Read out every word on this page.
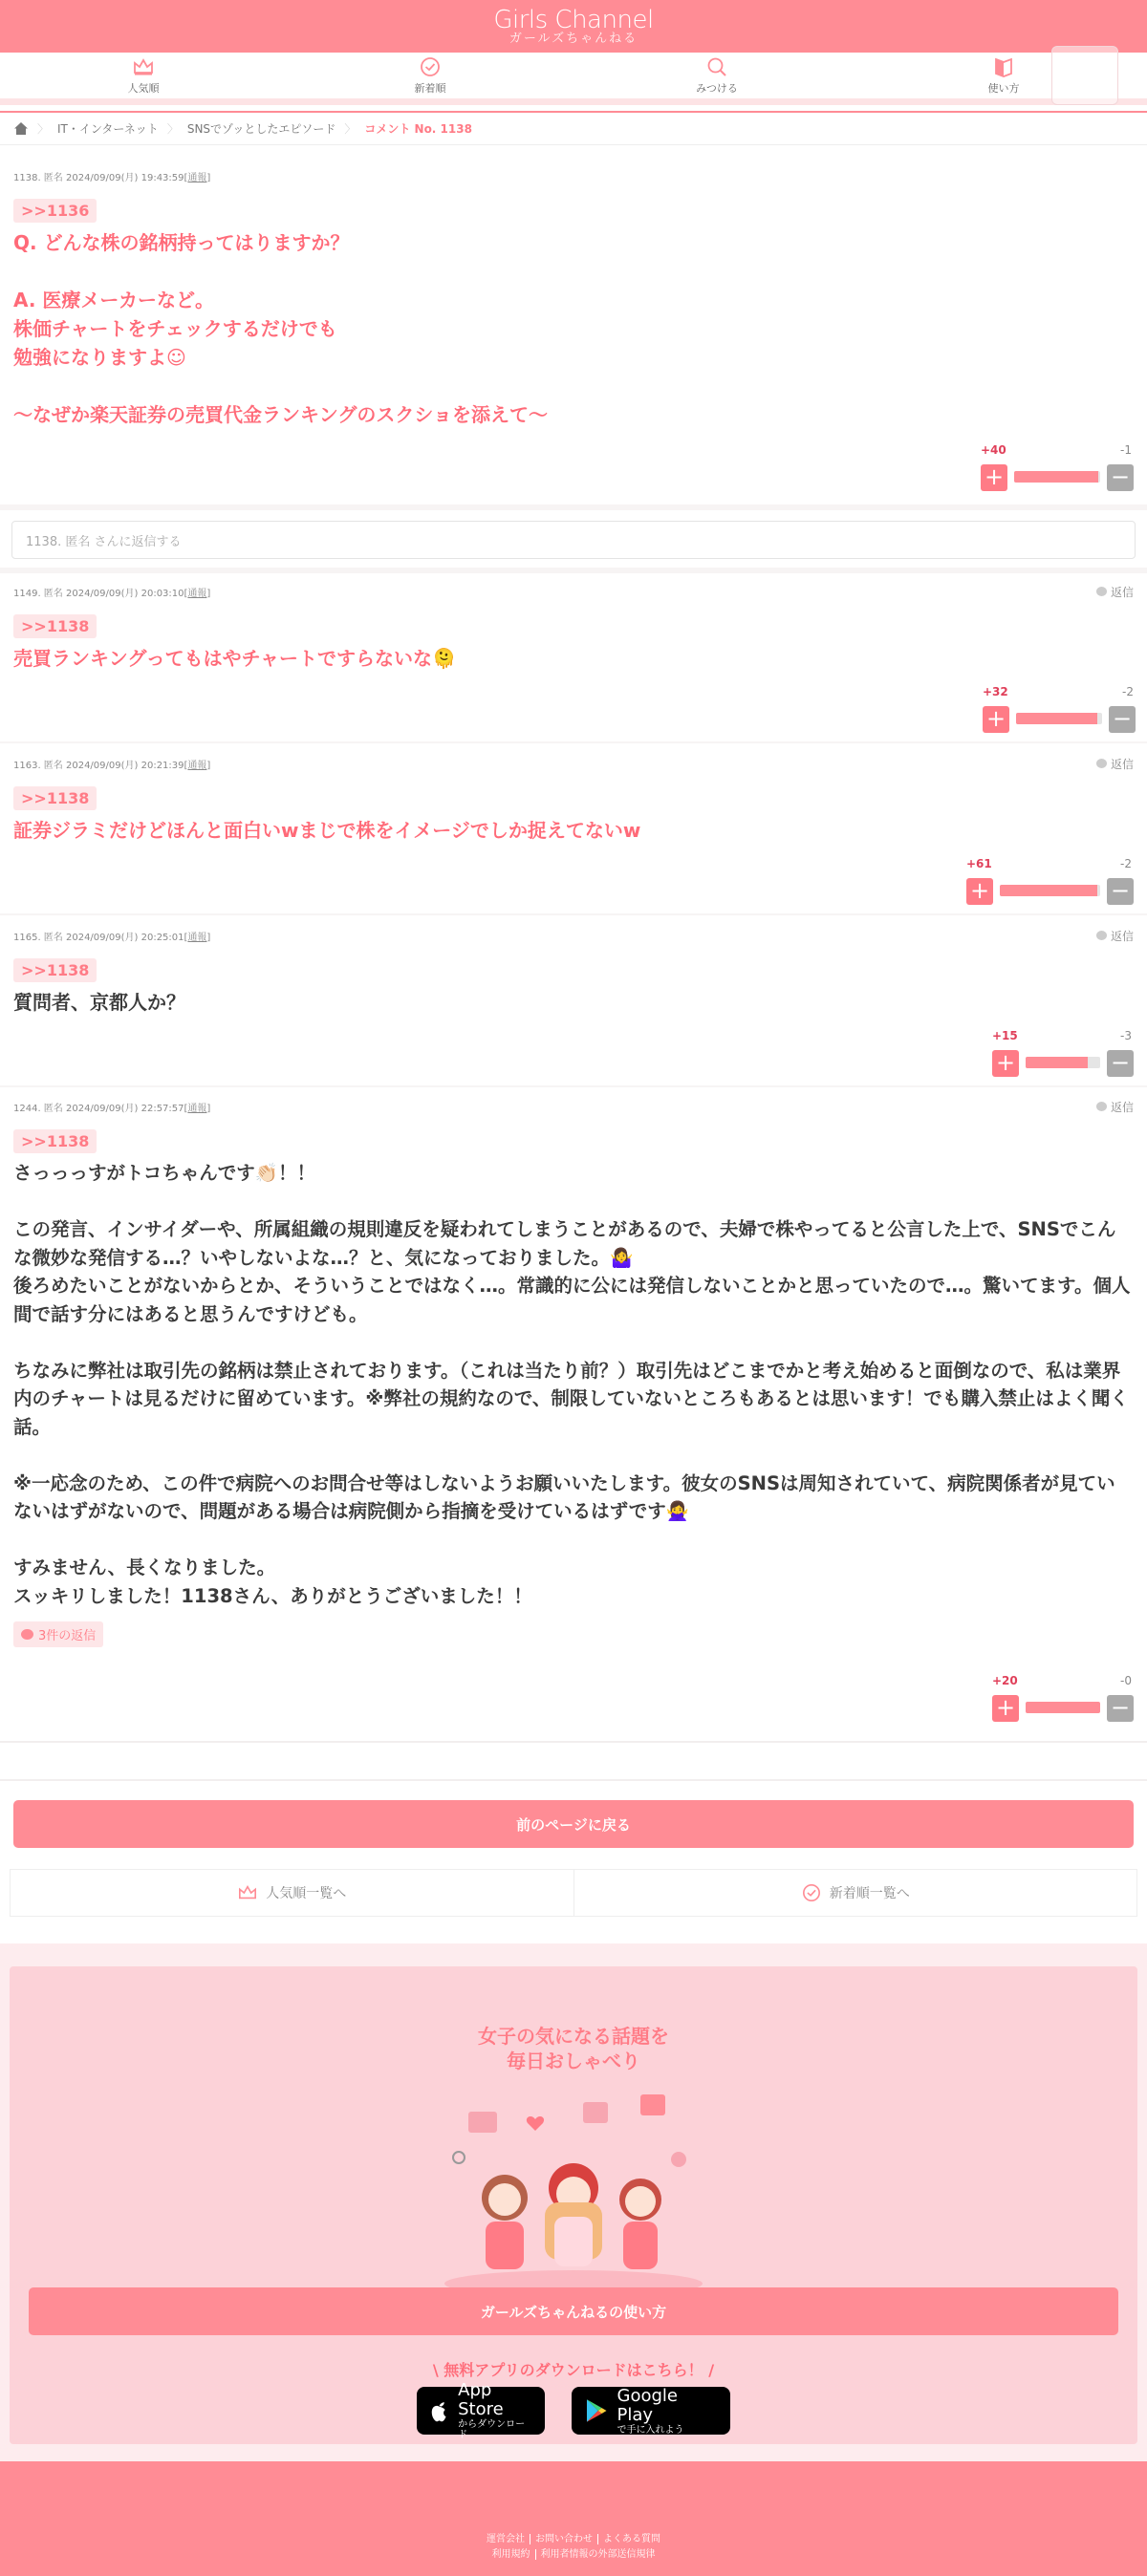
Girls Channel
ガールズちゃんねる
人気順	新着順	みつける	使い方
〉 IT・インターネット 〉 SNSでゾッとしたエピソード 〉 コメント No. 1138
1138. 匿名 2024/09/09(月) 19:43:59[通報]
>>1136
Q. どんな株の銘柄持ってはりますか？

A. 医療メーカーなど。
株価チャートをチェックするだけでも
勉強になりますよ☺

〜なぜか楽天証券の売買代金ランキングのスクショを添えて〜
+40	-1
+	−
1138. 匿名 さんに返信する
1149. 匿名 2024/09/09(月) 20:03:10[通報]	返信
>>1138
売買ランキングってもはやチャートですらないな🫠
+32	-2
+	−
1163. 匿名 2024/09/09(月) 20:21:39[通報]	返信
>>1138
証券ジラミだけどほんと面白いwまじで株をイメージでしか捉えてないw
+61	-2
+	−
1165. 匿名 2024/09/09(月) 20:25:01[通報]	返信
>>1138
質問者、京都人か？
+15	-3
+	−
1244. 匿名 2024/09/09(月) 22:57:57[通報]	返信
>>1138
さっっっすがトコちゃんです👏🏻！！

この発言、インサイダーや、所属組織の規則違反を疑われてしまうことがあるので、夫婦で株やってると公言した上で、SNSでこんな微妙な発信する…？いやしないよな…？と、気になっておりました。🤷‍♀️
後ろめたいことがないからとか、そういうことではなく…。常識的に公には発信しないことかと思っていたので…。驚いてます。個人間で話す分にはあると思うんですけども。

ちなみに弊社は取引先の銘柄は禁止されております。（これは当たり前？）取引先はどこまでかと考え始めると面倒なので、私は業界内のチャートは見るだけに留めています。※弊社の規約なので、制限していないところもあるとは思います！でも購入禁止はよく聞く話。

※一応念のため、この件で病院へのお問合せ等はしないようお願いいたします。彼女のSNSは周知されていて、病院関係者が見ていないはずがないので、問題がある場合は病院側から指摘を受けているはずです🙅‍♀️

すみません、長くなりました。
スッキリしました！1138さん、ありがとうございました！！
3件の返信
+20	-0
+	−
前のページに戻る
人気順一覧へ	新着順一覧へ
女子の気になる話題を
毎日おしゃべり
ガールズちゃんねるの使い方
\ 無料アプリのダウンロードはこちら！ /
App Store
からダウンロード
Google Play
で手に入れよう
運営会社 お問い合わせ よくある質問
利用規約 利用者情報の外部送信規律
